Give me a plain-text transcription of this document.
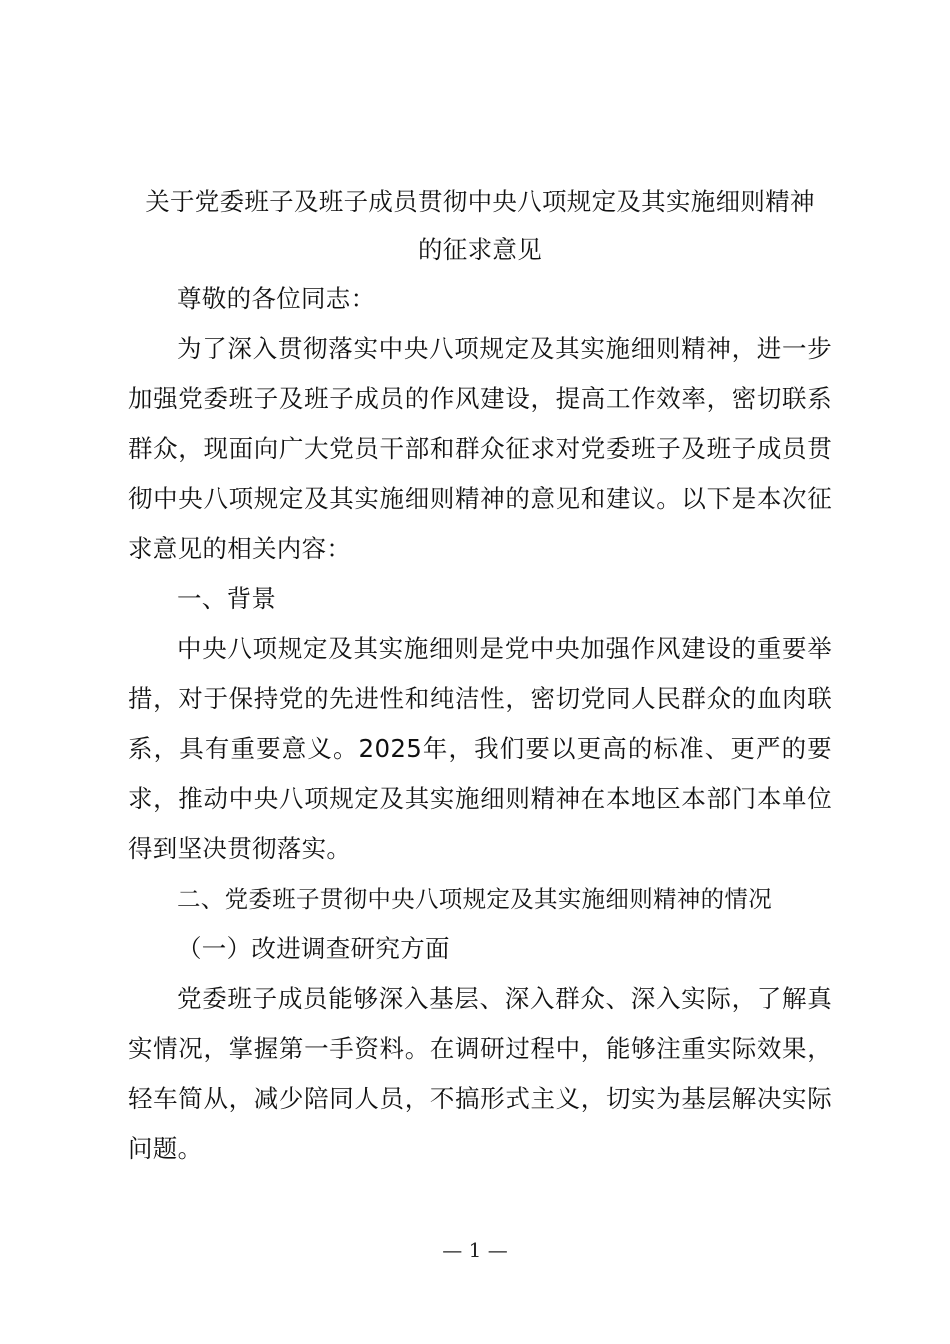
关于党委班子及班子成员贯彻中央八项规定及其实施细则精神
的征求意见

尊敬的各位同志：

为了深入贯彻落实中央八项规定及其实施细则精神，进一步加强党委班子及班子成员的作风建设，提高工作效率，密切联系群众，现面向广大党员干部和群众征求对党委班子及班子成员贯彻中央八项规定及其实施细则精神的意见和建议。以下是本次征求意见的相关内容：

一、背景

中央八项规定及其实施细则是党中央加强作风建设的重要举措，对于保持党的先进性和纯洁性，密切党同人民群众的血肉联系，具有重要意义。2025年，我们要以更高的标准、更严的要求，推动中央八项规定及其实施细则精神在本地区本部门本单位得到坚决贯彻落实。

二、党委班子贯彻中央八项规定及其实施细则精神的情况

（一）改进调查研究方面

党委班子成员能够深入基层、深入群众、深入实际，了解真实情况，掌握第一手资料。在调研过程中，能够注重实际效果，轻车简从，减少陪同人员，不搞形式主义，切实为基层解决实际问题。

— 1 —
